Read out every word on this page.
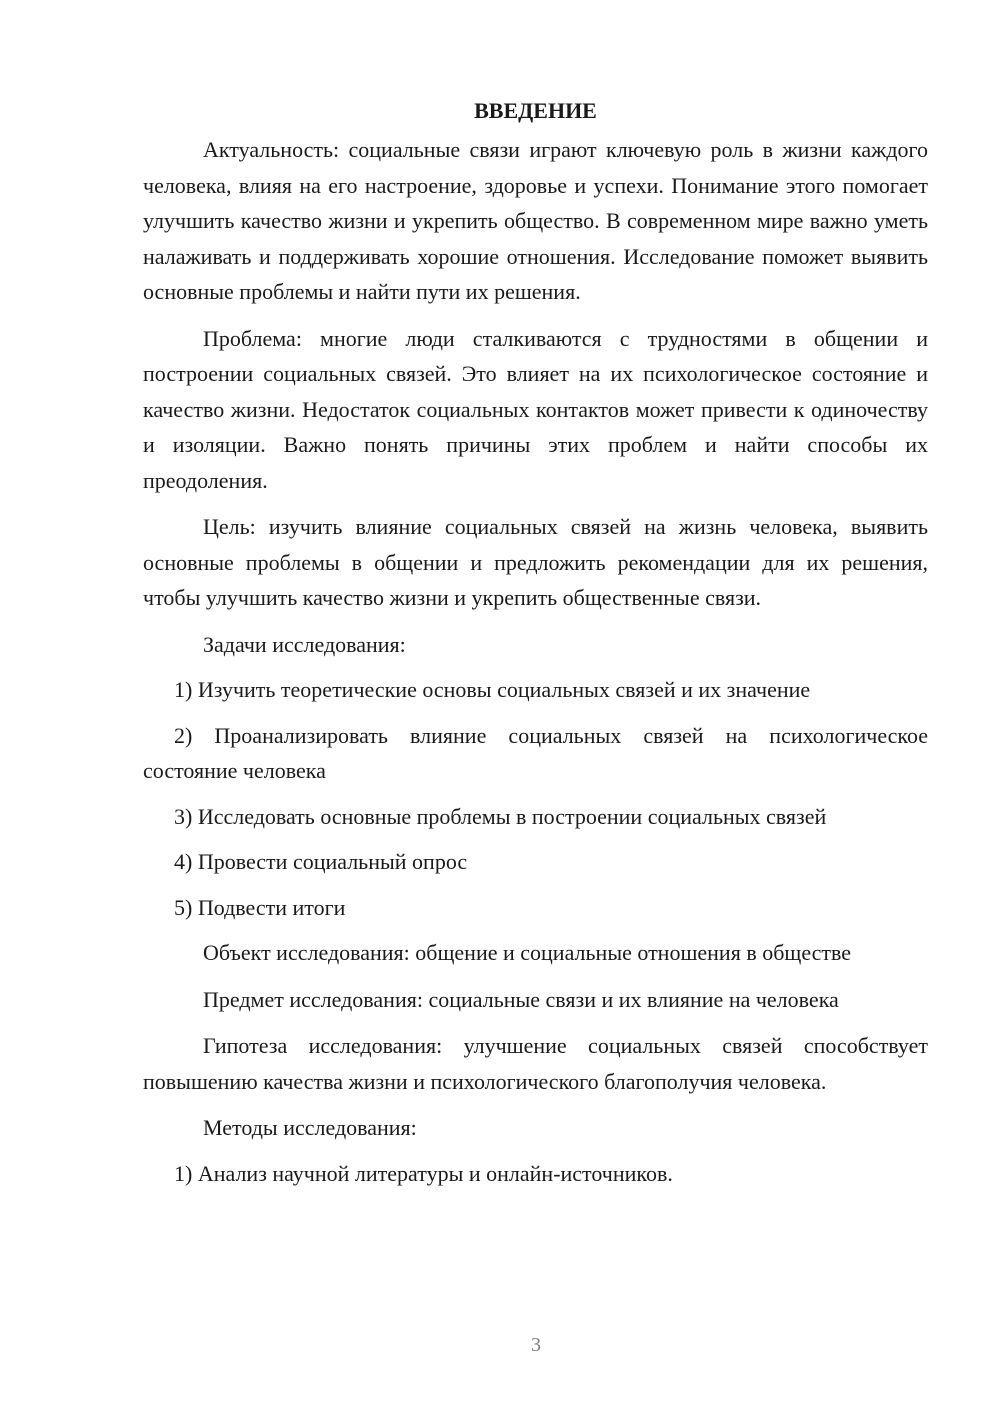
ВВЕДЕНИЕ

Актуальность: социальные связи играют ключевую роль в жизни каждого человека, влияя на его настроение, здоровье и успехи. Понимание этого помогает улучшить качество жизни и укрепить общество. В современном мире важно уметь налаживать и поддерживать хорошие отношения. Исследование поможет выявить основные проблемы и найти пути их решения.

Проблема: многие люди сталкиваются с трудностями в общении и построении социальных связей. Это влияет на их психологическое состояние и качество жизни. Недостаток социальных контактов может привести к одиночеству и изоляции. Важно понять причины этих проблем и найти способы их преодоления.

Цель: изучить влияние социальных связей на жизнь человека, выявить основные проблемы в общении и предложить рекомендации для их решения, чтобы улучшить качество жизни и укрепить общественные связи.

Задачи исследования:

1) Изучить теоретические основы социальных связей и их значение

2) Проанализировать влияние социальных связей на психологическое состояние человека

3) Исследовать основные проблемы в построении социальных связей

4) Провести социальный опрос

5) Подвести итоги

Объект исследования: общение и социальные отношения в обществе

Предмет исследования: социальные связи и их влияние на человека

Гипотеза исследования: улучшение социальных связей способствует повышению качества жизни и психологического благополучия человека.

Методы исследования:

1) Анализ научной литературы и онлайн-источников.

3
